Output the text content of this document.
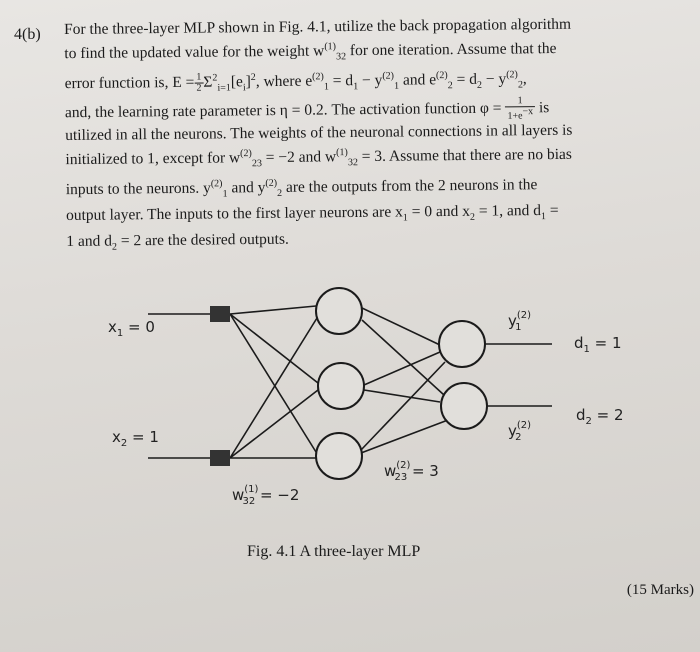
4(b) For the three-layer MLP shown in Fig. 4.1, utilize the back propagation algorithm
to find the updated value for the weight $w^{(1)}_{32}$ for one iteration. Assume that the
error function is, $E = \frac{1}{2} \Sigma^2_{i=1}[e_i]^2$, where $e^{(2)}_1 = d_1 - y^{(2)}_1$ and $e^{(2)}_2 = d_2 - y^{(2)}_2$,
and, the learning rate parameter is η = 0.2. The activation function $\varphi = \frac{1}{1+e^{-x}}$ is
utilized in all the neurons. The weights of the neuronal connections in all layers is
initialized to 1, except for $w^{(2)}_{23} = -2$ and $w^{(1)}_{32} = 3$. Assume that there are no bias
inputs to the neurons. $y^{(2)}_1$ and $y^{(2)}_2$ are the outputs from the 2 neurons in the
output layer. The inputs to the first layer neurons are $x_1 = 0$ and $x_2 = 1$, and $d_1$ =
1 and $d_2 = 2$ are the desired outputs.
$x_1 = 0$
$x_2 = 1$
$y^{(2)}$ 1
$y^{(2)}$ 2
$d_1 = 1$
$d_2 = 2$
$w^{(2)}$ 23 = 3
$w^{(1)}$ 32 = −2
Fig. 4.1 A three-layer MLP
(15 Marks)
